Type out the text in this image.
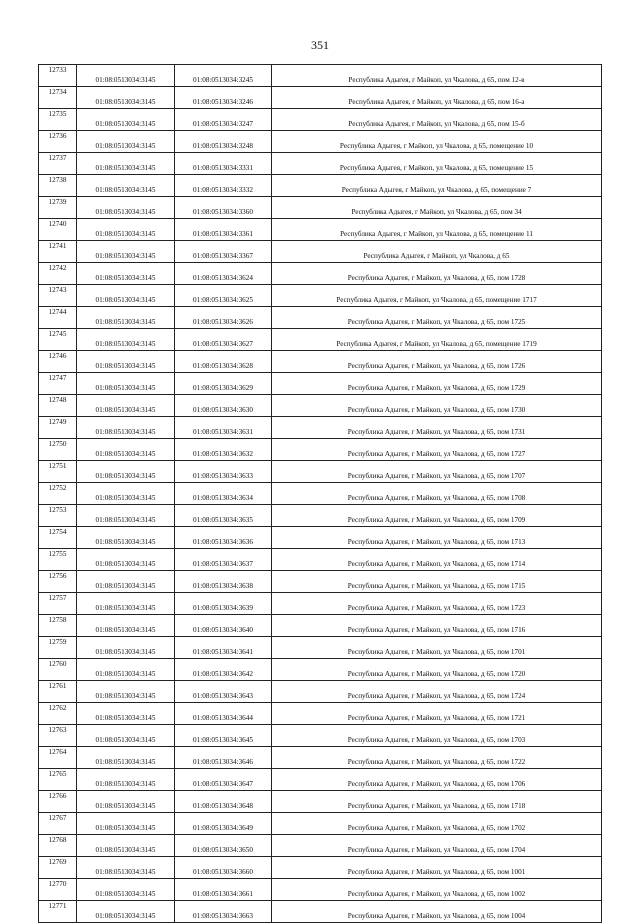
351
12733	01:08:0513034:3145	01:08:0513034:3245	Республика Адыгея, г Майкоп, ул Чкалова, д 65, пом 12-в
12734	01:08:0513034:3145	01:08:0513034:3246	Республика Адыгея, г Майкоп, ул Чкалова, д 65, пом 16-а
12735	01:08:0513034:3145	01:08:0513034:3247	Республика Адыгея, г Майкоп, ул Чкалова, д 65, пом 15-б
12736	01:08:0513034:3145	01:08:0513034:3248	Республика Адыгея, г Майкоп, ул Чкалова, д 65, помещение 10
12737	01:08:0513034:3145	01:08:0513034:3331	Республика Адыгея, г Майкоп, ул Чкалова, д 65, помещение 15
12738	01:08:0513034:3145	01:08:0513034:3332	Республика Адыгея, г Майкоп, ул Чкалова, д 65, помещение 7
12739	01:08:0513034:3145	01:08:0513034:3360	Республика Адыгея, г Майкоп, ул Чкалова, д 65, пом 34
12740	01:08:0513034:3145	01:08:0513034:3361	Республика Адыгея, г Майкоп, ул Чкалова, д 65, помещение 11
12741	01:08:0513034:3145	01:08:0513034:3367	Республика Адыгея, г Майкоп, ул Чкалова, д 65
12742	01:08:0513034:3145	01:08:0513034:3624	Республика Адыгея, г Майкоп, ул Чкалова, д 65, пом 1728
12743	01:08:0513034:3145	01:08:0513034:3625	Республика Адыгея, г Майкоп, ул Чкалова, д 65, помещение 1717
12744	01:08:0513034:3145	01:08:0513034:3626	Республика Адыгея, г Майкоп, ул Чкалова, д 65, пом 1725
12745	01:08:0513034:3145	01:08:0513034:3627	Республика Адыгея, г Майкоп, ул Чкалова, д 65, помещение 1719
12746	01:08:0513034:3145	01:08:0513034:3628	Республика Адыгея, г Майкоп, ул Чкалова, д 65, пом 1726
12747	01:08:0513034:3145	01:08:0513034:3629	Республика Адыгея, г Майкоп, ул Чкалова, д 65, пом 1729
12748	01:08:0513034:3145	01:08:0513034:3630	Республика Адыгея, г Майкоп, ул Чкалова, д 65, пом 1730
12749	01:08:0513034:3145	01:08:0513034:3631	Республика Адыгея, г Майкоп, ул Чкалова, д 65, пом 1731
12750	01:08:0513034:3145	01:08:0513034:3632	Республика Адыгея, г Майкоп, ул Чкалова, д 65, пом 1727
12751	01:08:0513034:3145	01:08:0513034:3633	Республика Адыгея, г Майкоп, ул Чкалова, д 65, пом 1707
12752	01:08:0513034:3145	01:08:0513034:3634	Республика Адыгея, г Майкоп, ул Чкалова, д 65, пом 1708
12753	01:08:0513034:3145	01:08:0513034:3635	Республика Адыгея, г Майкоп, ул Чкалова, д 65, пом 1709
12754	01:08:0513034:3145	01:08:0513034:3636	Республика Адыгея, г Майкоп, ул Чкалова, д 65, пом 1713
12755	01:08:0513034:3145	01:08:0513034:3637	Республика Адыгея, г Майкоп, ул Чкалова, д 65, пом 1714
12756	01:08:0513034:3145	01:08:0513034:3638	Республика Адыгея, г Майкоп, ул Чкалова, д 65, пом 1715
12757	01:08:0513034:3145	01:08:0513034:3639	Республика Адыгея, г Майкоп, ул Чкалова, д 65, пом 1723
12758	01:08:0513034:3145	01:08:0513034:3640	Республика Адыгея, г Майкоп, ул Чкалова, д 65, пом 1716
12759	01:08:0513034:3145	01:08:0513034:3641	Республика Адыгея, г Майкоп, ул Чкалова, д 65, пом 1701
12760	01:08:0513034:3145	01:08:0513034:3642	Республика Адыгея, г Майкоп, ул Чкалова, д 65, пом 1720
12761	01:08:0513034:3145	01:08:0513034:3643	Республика Адыгея, г Майкоп, ул Чкалова, д 65, пом 1724
12762	01:08:0513034:3145	01:08:0513034:3644	Республика Адыгея, г Майкоп, ул Чкалова, д 65, пом 1721
12763	01:08:0513034:3145	01:08:0513034:3645	Республика Адыгея, г Майкоп, ул Чкалова, д 65, пом 1703
12764	01:08:0513034:3145	01:08:0513034:3646	Республика Адыгея, г Майкоп, ул Чкалова, д 65, пом 1722
12765	01:08:0513034:3145	01:08:0513034:3647	Республика Адыгея, г Майкоп, ул Чкалова, д 65, пом 1706
12766	01:08:0513034:3145	01:08:0513034:3648	Республика Адыгея, г Майкоп, ул Чкалова, д 65, пом 1718
12767	01:08:0513034:3145	01:08:0513034:3649	Республика Адыгея, г Майкоп, ул Чкалова, д 65, пом 1702
12768	01:08:0513034:3145	01:08:0513034:3650	Республика Адыгея, г Майкоп, ул Чкалова, д 65, пом 1704
12769	01:08:0513034:3145	01:08:0513034:3660	Республика Адыгея, г Майкоп, ул Чкалова, д 65, пом 1001
12770	01:08:0513034:3145	01:08:0513034:3661	Республика Адыгея, г Майкоп, ул Чкалова, д 65, пом 1002
12771	01:08:0513034:3145	01:08:0513034:3663	Республика Адыгея, г Майкоп, ул Чкалова, д 65, пом 1004
